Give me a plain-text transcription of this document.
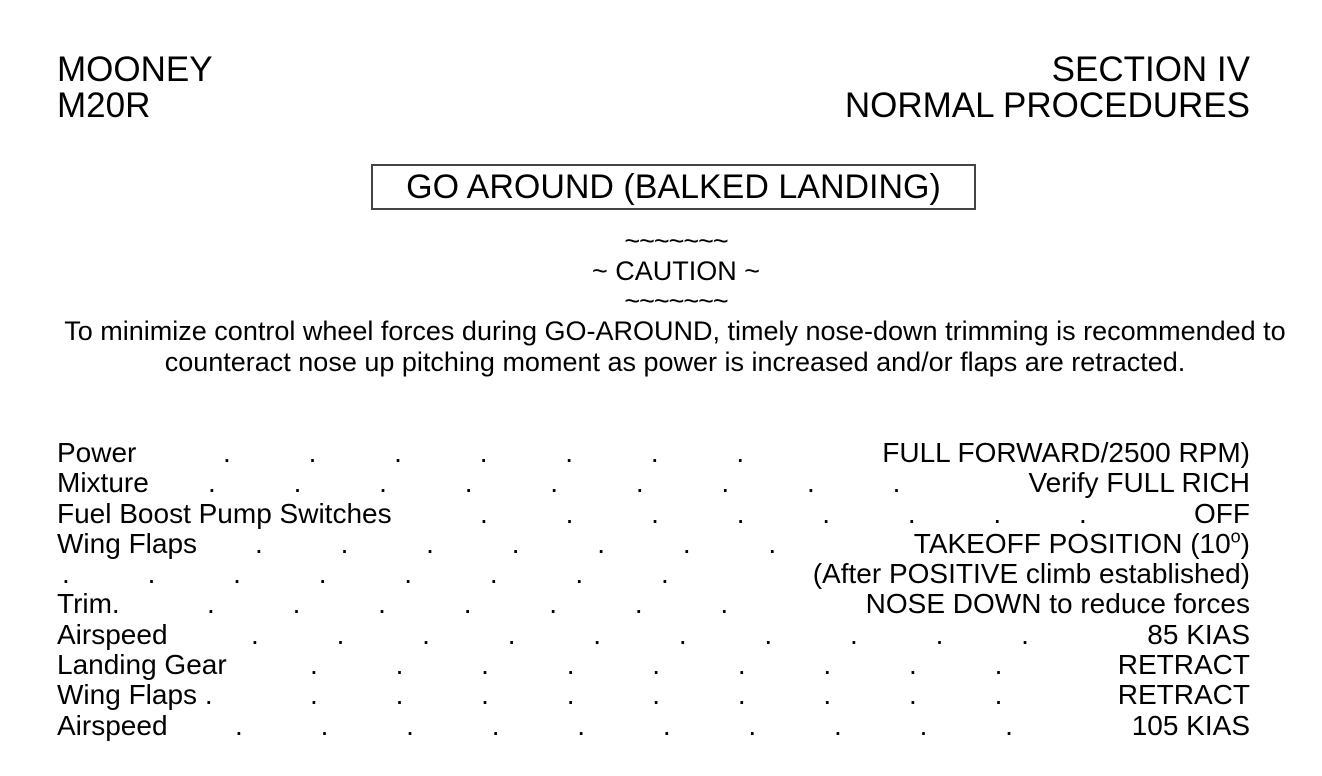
MOONEY
M20R
SECTION IV
NORMAL PROCEDURES
GO AROUND (BALKED LANDING)
~~~~~~~
~ CAUTION ~
~~~~~~~
To minimize control wheel forces during GO-AROUND, timely nose-down trimming is recommended to counteract nose up pitching moment as power is increased and/or flaps are retracted.
Power	.          .          .          .          .          .          .	FULL FORWARD/2500 RPM)
Mixture .          .          .          .          .          .          .          .          .	Verify FULL RICH
Fuel Boost Pump Switches	.          .          .          .          .          .          .          .	OFF
Wing Flaps .          .          .          .          .          .          .	TAKEOFF POSITION (10$^o$)
.          .          .          .          .          .          .          .	(After POSITIVE climb established)
Trim.	.          .          .          .          .          .          .	NOSE DOWN to reduce forces
Airspeed	.          .          .          .          .          .          .          .          .          .	85 KIAS
Landing Gear	.          .          .          .          .          .          .          .          .	RETRACT
Wing Flaps .	.          .          .          .          .          .          .          .          .	RETRACT
Airspeed .          .          .          .          .          .          .          .          .          .	105 KIAS
